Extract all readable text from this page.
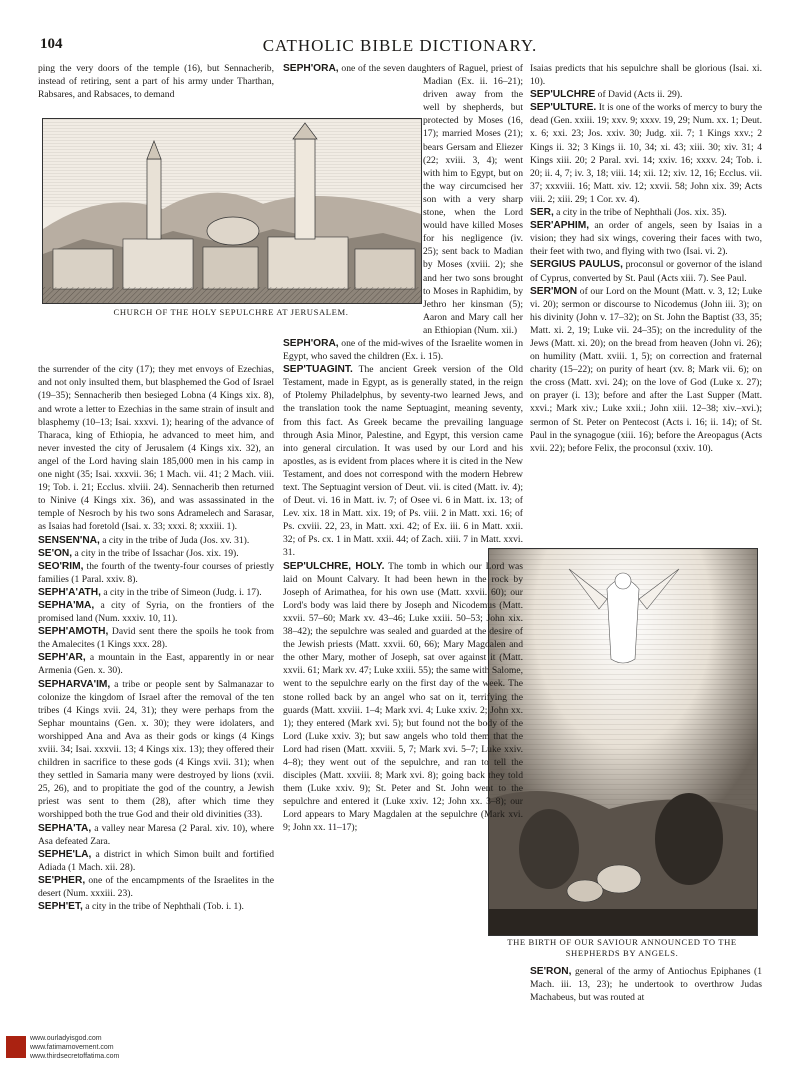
104	CATHOLIC BIBLE DICTIONARY.
CHURCH OF THE HOLY SEPULCHRE AT JERUSALEM.
THE BIRTH OF OUR SAVIOUR ANNOUNCED TO THE SHEPHERDS BY ANGELS.

ping the very doors of the temple (16), but Sennacherib, instead of retiring, sent a part of his army under Tharthan, Rabsares, and Rabsaces, to demand

the surrender of the city (17); they met envoys of Ezechias, and not only insulted them, but blasphemed the God of Israel (19–35); Sennacherib then besieged Lobna (4 Kings xix. 8), and wrote a letter to Ezechias in the same strain of insult and blasphemy (10–13; Isai. xxxvi. 1); hearing of the advance of Tharaca, king of Ethiopia, he advanced to meet him, and never invested the city of Jerusalem (4 Kings xix. 32), an angel of the Lord having slain 185,000 men in his camp in one night (35; Isai. xxxvii. 36; 1 Mach. vii. 41; 2 Mach. viii. 19; Tob. i. 21; Ecclus. xlviii. 24). Sennacherib then returned to Ninive (4 Kings xix. 36), and was assassinated in the temple of Nesroch by his two sons Adramelech and Sarasar, as Isaias had foretold (Isai. x. 33; xxxi. 8; xxxiii. 1).

SENSEN'NA, a city in the tribe of Juda (Jos. xv. 31).

SE'ON, a city in the tribe of Issachar (Jos. xix. 19).

SEO'RIM, the fourth of the twenty-four courses of priestly families (1 Paral. xxiv. 8).

SEPH'A'ATH, a city in the tribe of Simeon (Judg. i. 17).

SEPHA'MA, a city of Syria, on the frontiers of the promised land (Num. xxxiv. 10, 11).

SEPH'AMOTH, David sent there the spoils he took from the Amalecites (1 Kings xxx. 28).

SEPH'AR, a mountain in the East, apparently in or near Armenia (Gen. x. 30).

SEPHARVA'IM, a tribe or people sent by Salmanazar to colonize the kingdom of Israel after the removal of the ten tribes (4 Kings xvii. 24, 31); they were perhaps from the Sephar mountains (Gen. x. 30); they were idolaters, and worshipped Ana and Ava as their gods or kings (4 Kings xviii. 34; Isai. xxxvii. 13; 4 Kings xix. 13); they offered their children in sacrifice to these gods (4 Kings xvii. 31); when they settled in Samaria many were destroyed by lions (xvii. 25, 26), and to propitiate the god of the country, a Jewish priest was sent to them (28), after which time they worshipped both the true God and their old divinities (33).

SEPHA'TA, a valley near Maresa (2 Paral. xiv. 10), where Asa defeated Zara.

SEPHE'LA, a district in which Simon built and fortified Adiada (1 Mach. xii. 28).

SE'PHER, one of the encampments of the Israelites in the desert (Num. xxxiii. 23).

SEPH'ET, a city in the tribe of Nephthali (Tob. i. 1).

SEPH'ORA, one of the seven daughters of Raguel, priest of Madian (Ex. ii. 16–21); driven away from the well by shepherds, but protected by Moses (16, 17); married Moses (21); bears Gersam and Eliezer (22; xviii. 3, 4); went with him to Egypt, but on the way circumcised her son with a very sharp stone, when the Lord would have killed Moses for his negligence (iv. 25); sent back to Madian by Moses (xviii. 2); she and her two sons brought to Moses in Raphidim, by Jethro her kinsman (5); Aaron and Mary call her an Ethiopian (Num. xii.)

SEPH'ORA, one of the mid-wives of the Israelite women in Egypt, who saved the children (Ex. i. 15).

SEP'TUAGINT. The ancient Greek version of the Old Testament, made in Egypt, as is generally stated, in the reign of Ptolemy Philadelphus, by seventy-two learned Jews, and the translation took the name Septuagint, meaning seventy, from this fact. As Greek became the prevailing language through Asia Minor, Palestine, and Egypt, this version came into general circulation. It was used by our Lord and his apostles, as is evident from places where it is cited in the New Testament, and does not correspond with the modern Hebrew text. The Septuagint version of Deut. vii. is cited (Matt. iv. 4); of Deut. vi. 16 in Matt. iv. 7; of Osee vi. 6 in Matt. ix. 13; of Lev. xix. 18 in Matt. xix. 19; of Ps. viii. 2 in Matt. xxi. 16; of Ps. cxviii. 22, 23, in Matt. xxi. 42; of Ex. iii. 6 in Matt. xxii. 32; of Ps. cx. 1 in Matt. xxii. 44; of Zach. xiii. 7 in Matt. xxvi. 31.

SEP'ULCHRE, HOLY. The tomb in which our Lord was laid on Mount Calvary. It had been hewn in the rock by Joseph of Arimathea, for his own use (Matt. xxvii. 60); our Lord's body was laid there by Joseph and Nicodemus (Matt. xxvii. 57–60; Mark xv. 43–46; Luke xxiii. 50–53; John xix. 38–42); the sepulchre was sealed and guarded at the desire of the Jewish priests (Matt. xxvii. 60, 66); Mary Magdalen and the other Mary, mother of Joseph, sat over against it (Matt. xxvii. 61; Mark xv. 47; Luke xxiii. 55); the same with Salome, went to the sepulchre early on the first day of the week. The stone rolled back by an angel who sat on it, terrifying the guards (Matt. xxviii. 1–4; Mark xvi. 4; Luke xxiv. 2; John xx. 1); they entered (Mark xvi. 5); but found not the body of the Lord (Luke xxiv. 3); but saw angels who told them that the Lord had risen (Matt. xxviii. 5, 7; Mark xvi. 5–7; Luke xxiv. 4–8); they went out of the sepulchre, and ran to tell the disciples (Matt. xxviii. 8; Mark xvi. 8); going back they told them (Luke xxiv. 9); St. Peter and St. John went to the sepulchre and entered it (Luke xxiv. 12; John xx. 3–8); our Lord appears to Mary Magdalen at the sepulchre (Mark xvi. 9; John xx. 11–17);

Isaias predicts that his sepulchre shall be glorious (Isai. xi. 10).

SEP'ULCHRE of David (Acts ii. 29).

SEP'ULTURE. It is one of the works of mercy to bury the dead (Gen. xxiii. 19; xxv. 9; xxxv. 19, 29; Num. xx. 1; Deut. x. 6; xxi. 23; Jos. xxiv. 30; Judg. xii. 7; 1 Kings xxv.; 2 Kings ii. 32; 3 Kings ii. 10, 34; xi. 43; xiii. 30; xiv. 31; 4 Kings xiii. 20; 2 Paral. xvi. 14; xxiv. 16; xxxv. 24; Tob. i. 20; ii. 4, 7; iv. 3, 18; viii. 14; xii. 12; xiv. 12, 16; Ecclus. vii. 37; xxxviii. 16; Matt. xiv. 12; xxvii. 58; John xix. 39; Acts viii. 2; xiii. 29; 1 Cor. xv. 4).

SER, a city in the tribe of Nephthali (Jos. xix. 35).

SER'APHIM, an order of angels, seen by Isaias in a vision; they had six wings, covering their faces with two, their feet with two, and flying with two (Isai. vi. 2).

SERGIUS PAULUS, proconsul or governor of the island of Cyprus, converted by St. Paul (Acts xiii. 7). See Paul.

SER'MON of our Lord on the Mount (Matt. v. 3, 12; Luke vi. 20); sermon or discourse to Nicodemus (John iii. 3); on his divinity (John v. 17–32); on St. John the Baptist (33, 35; Matt. xi. 2, 19; Luke vii. 24–35); on the incredulity of the Jews (Matt. xi. 20); on the bread from heaven (John vi. 26); on humility (Matt. xviii. 1, 5); on correction and fraternal charity (15–22); on purity of heart (xv. 8; Mark vii. 6); on the cross (Matt. xvi. 24); on the love of God (Luke x. 27); on prayer (i. 13); before and after the Last Supper (Matt. xxvi.; Mark xiv.; Luke xxii.; John xiii. 12–38; xiv.–xvi.); sermon of St. Peter on Pentecost (Acts i. 16; ii. 14); of St. Paul in the synagogue (xiii. 16); before the Areopagus (Acts xvii. 22); before Felix, the proconsul (xxiv. 10).

SE'RON, general of the army of Antiochus Epiphanes (1 Mach. iii. 13, 23); he undertook to overthrow Judas Machabeus, but was routed at

www.ourladyisgod.com
www.fatimamovement.com
www.thirdsecretoffatima.com
